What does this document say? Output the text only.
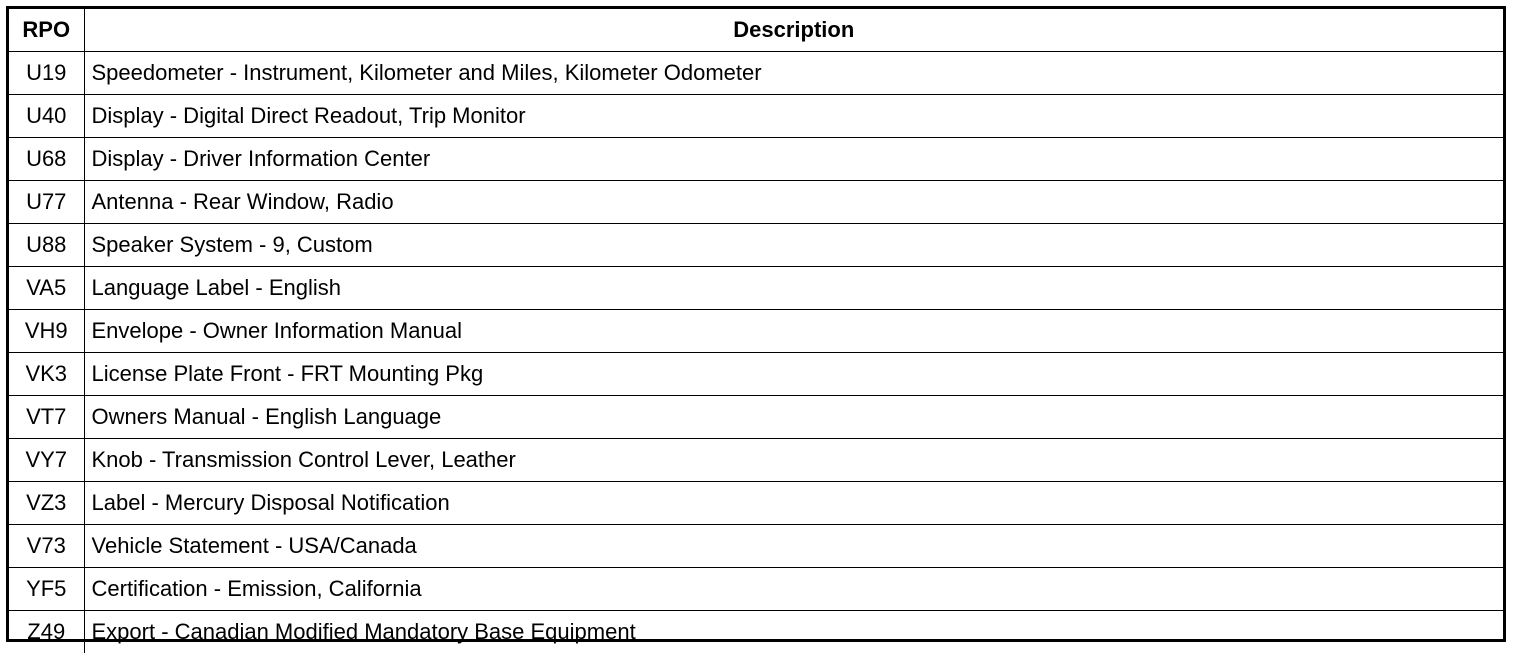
RPO	Description
U19	Speedometer - Instrument, Kilometer and Miles, Kilometer Odometer
U40	Display - Digital Direct Readout, Trip Monitor
U68	Display - Driver Information Center
U77	Antenna - Rear Window, Radio
U88	Speaker System - 9, Custom
VA5	Language Label - English
VH9	Envelope - Owner Information Manual
VK3	License Plate Front - FRT Mounting Pkg
VT7	Owners Manual - English Language
VY7	Knob - Transmission Control Lever, Leather
VZ3	Label - Mercury Disposal Notification
V73	Vehicle Statement - USA/Canada
YF5	Certification - Emission, California
Z49	Export - Canadian Modified Mandatory Base Equipment
